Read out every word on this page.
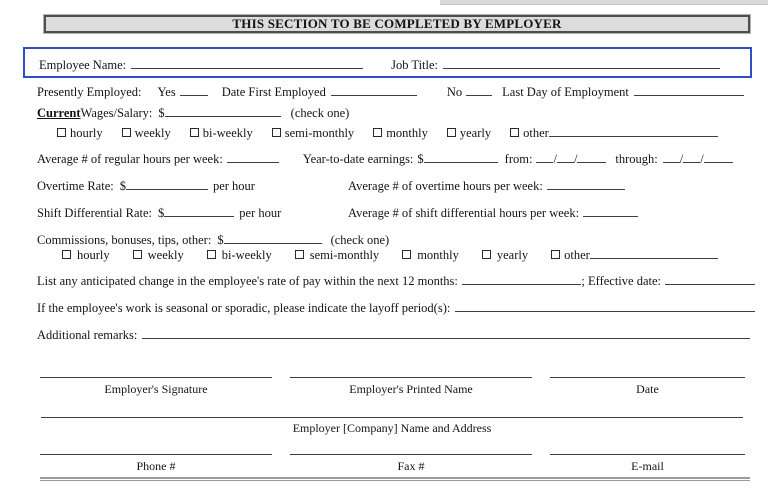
THIS SECTION TO BE COMPLETED BY EMPLOYER
Employee Name:	Job Title:
Presently Employed: Yes	Date First Employed	No	Last Day of Employment
Current Wages/Salary: $	(check one)
hourly	weekly	bi-weekly	semi-monthly	monthly	yearly	other
Average # of regular hours per week:	Year-to-date earnings: $	from: / /	through: / /
Overtime Rate: $	per hour	Average # of overtime hours per week:
Shift Differential Rate: $	per hour	Average # of shift differential hours per week:
Commissions, bonuses, tips, other: $	(check one)
hourly	weekly	bi-weekly	semi-monthly	monthly	yearly	other
List any anticipated change in the employee's rate of pay within the next 12 months:	; Effective date:
If the employee's work is seasonal or sporadic, please indicate the layoff period(s):
Additional remarks:
Employer's Signature	Employer's Printed Name	Date
Employer [Company] Name and Address
Phone #	Fax #	E-mail
